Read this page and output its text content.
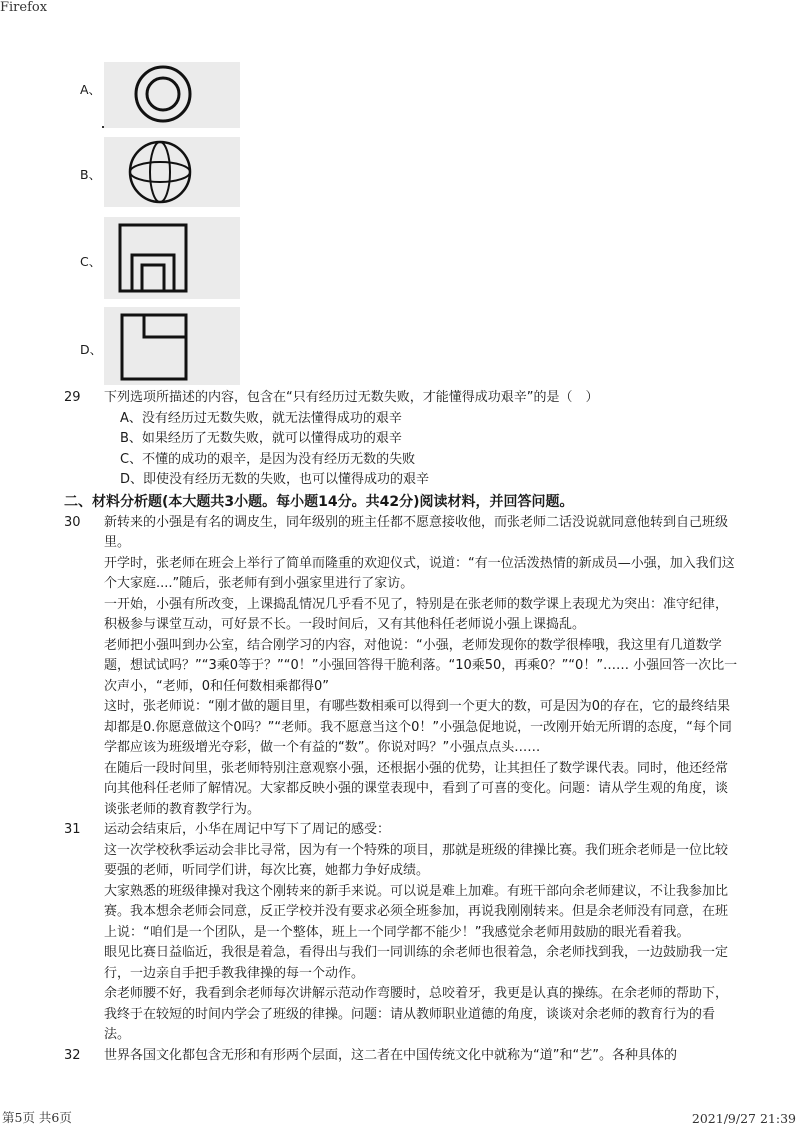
Firefox
A、
B、
C、
D、
29 下列选项所描述的内容，包含在“只有经历过无数失败，才能懂得成功艰辛”的是（　）

A、没有经历过无数失败，就无法懂得成功的艰辛
B、如果经历了无数失败，就可以懂得成功的艰辛
C、不懂的成功的艰辛，是因为没有经历无数的失败
D、即使没有经历无数的失败，也可以懂得成功的艰辛
二、材料分析题(本大题共3小题。每小题14分。共42分)阅读材料，并回答问题。
30 新转来的小强是有名的调皮生，同年级别的班主任都不愿意接收他，而张老师二话没说就同意他转到自己班级里。

开学时，张老师在班会上举行了简单而隆重的欢迎仪式，说道：“有一位活泼热情的新成员—小强，加入我们这个大家庭....”随后，张老师有到小强家里进行了家访。

一开始，小强有所改变，上课捣乱情况几乎看不见了，特别是在张老师的数学课上表现尤为突出：准守纪律，积极参与课堂互动，可好景不长。一段时间后，又有其他科任老师说小强上课捣乱。

老师把小强叫到办公室，结合刚学习的内容，对他说：“小强，老师发现你的数学很棒哦，我这里有几道数学题，想试试吗？”“3乘0等于？”“0！”小强回答得干脆利落。“10乘50，再乘0？”“0！”…… 小强回答一次比一次声小，“老师，0和任何数相乘都得0”

这时，张老师说：“刚才做的题目里，有哪些数相乘可以得到一个更大的数，可是因为0的存在，它的最终结果却都是0.你愿意做这个0吗？”“老师。我不愿意当这个0！”小强急促地说，一改刚开始无所谓的态度，“每个同学都应该为班级增光夺彩，做一个有益的“数”。你说对吗？”小强点点头……

在随后一段时间里，张老师特别注意观察小强，还根据小强的优势，让其担任了数学课代表。同时，他还经常向其他科任老师了解情况。大家都反映小强的课堂表现中，看到了可喜的变化。问题：请从学生观的角度，谈谈张老师的教育教学行为。

31 运动会结束后，小华在周记中写下了周记的感受：

这一次学校秋季运动会非比寻常，因为有一个特殊的项目，那就是班级的律操比赛。我们班余老师是一位比较要强的老师，听同学们讲，每次比赛，她都力争好成绩。

大家熟悉的班级律操对我这个刚转来的新手来说。可以说是难上加难。有班干部向余老师建议，不让我参加比赛。我本想余老师会同意，反正学校并没有要求必须全班参加，再说我刚刚转来。但是余老师没有同意，在班上说：“咱们是一个团队，是一个整体，班上一个同学都不能少！”我感觉余老师用鼓励的眼光看着我。

眼见比赛日益临近，我很是着急，看得出与我们一同训练的余老师也很着急，余老师找到我，一边鼓励我一定行，一边亲自手把手教我律操的每一个动作。

余老师腰不好，我看到余老师每次讲解示范动作弯腰时，总咬着牙，我更是认真的操练。在余老师的帮助下，我终于在较短的时间内学会了班级的律操。问题：请从教师职业道德的角度，谈谈对余老师的教育行为的看法。

32 世界各国文化都包含无形和有形两个层面，这二者在中国传统文化中就称为“道”和“艺”。各种具体的

第5页 共6页	2021/9/27 21:39
